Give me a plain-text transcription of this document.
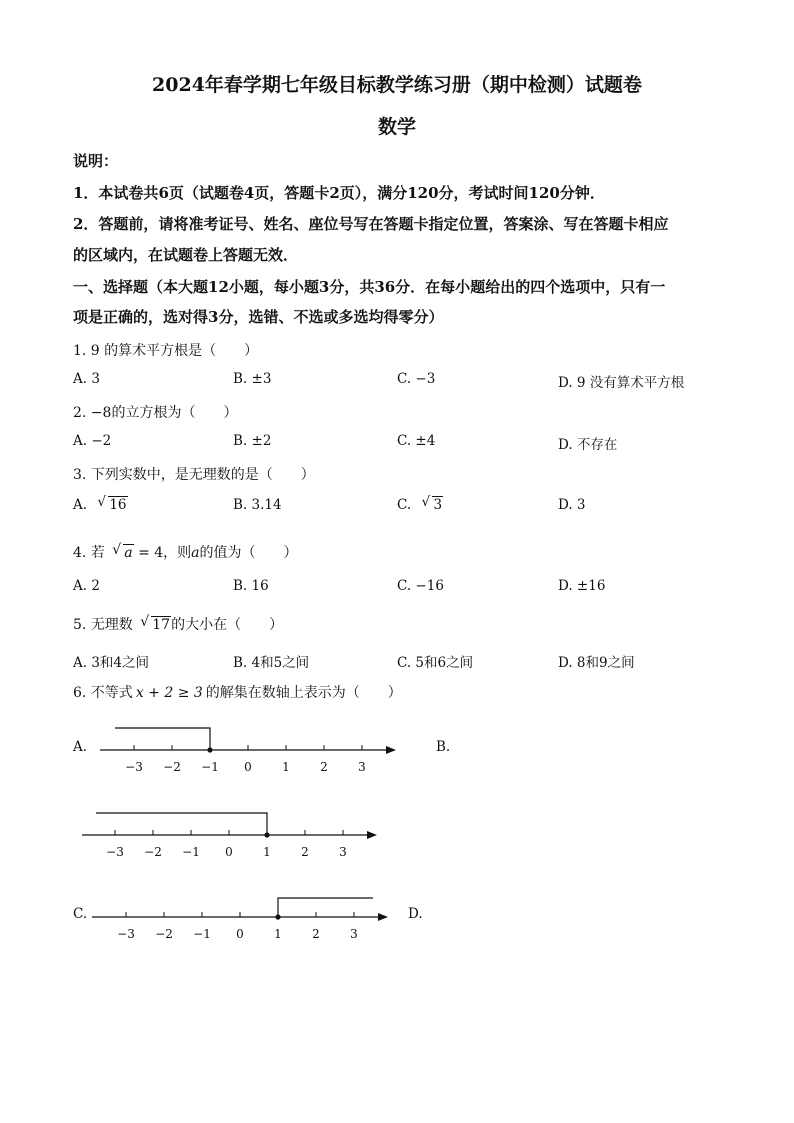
2024年春学期七年级目标教学练习册（期中检测）试题卷
数学
说明：
1．本试卷共6页（试题卷4页，答题卡2页），满分120分，考试时间120分钟．
2．答题前，请将准考证号、姓名、座位号写在答题卡指定位置，答案涂、写在答题卡相应
的区域内，在试题卷上答题无效．
一、选择题（本大题12小题，每小题3分，共36分．在每小题给出的四个选项中，只有一
项是正确的，选对得3分，选错、不选或多选均得零分）
1. 9 的算术平方根是（　　）
A. 3	B. ±3	C. −3	D. 9 没有算术平方根
2. −8的立方根为（　　）
A. −2	B. ±2	C. ±4	D. 不存在
3. 下列实数中，是无理数的是（　　）
A. √ 16	B. 3.14	C. √ 3	D. 3
4. 若 √ a = 4，则a的值为（　　）
A. 2	B. 16	C. −16	D. ±16
5. 无理数 √ 17的大小在（　　）
A. 3和4之间	B. 4和5之间	C. 5和6之间	D. 8和9之间
6. 不等式 x + 2 ≥ 3 的解集在数轴上表示为（　　）
A.	B.
C.	D.
−3 −2 −1 0	1	2	3
−3 −2 −1 0	1	2	3
−3 −2 −1 0	1	2	3
